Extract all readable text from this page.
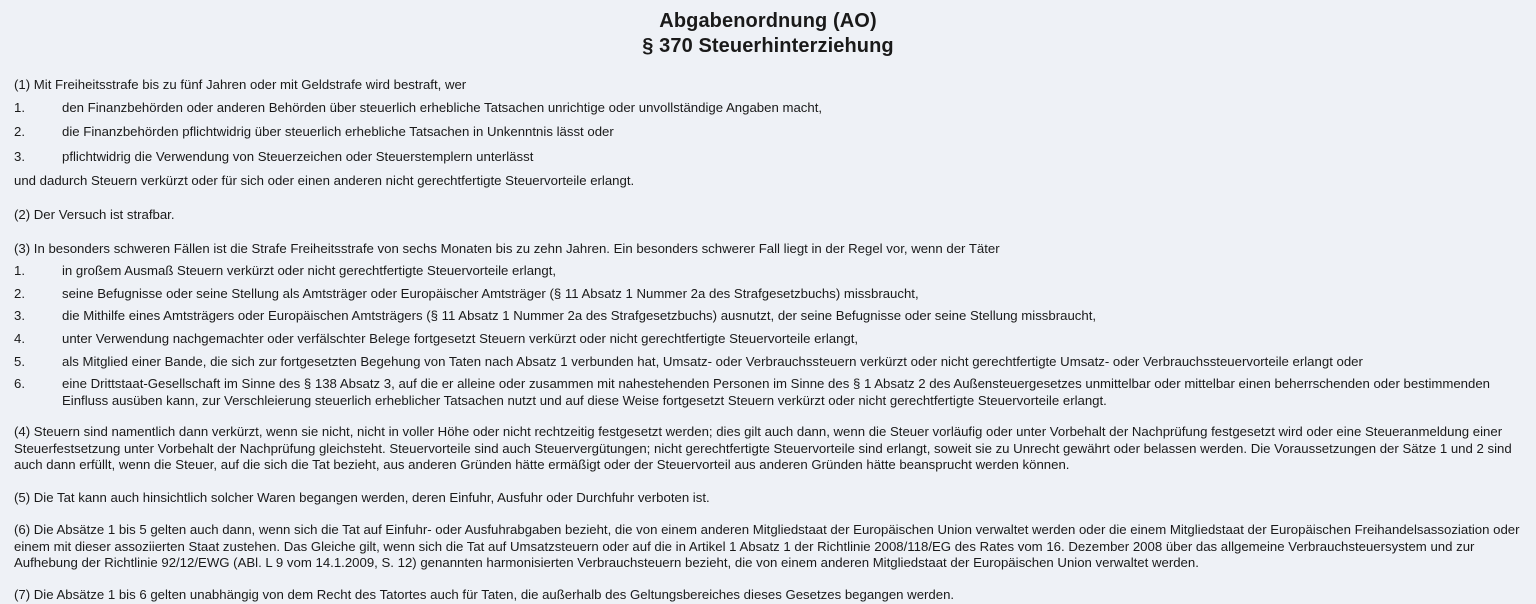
Abgabenordnung (AO)
§ 370 Steuerhinterziehung

(1) Mit Freiheitsstrafe bis zu fünf Jahren oder mit Geldstrafe wird bestraft, wer

1.	den Finanzbehörden oder anderen Behörden über steuerlich erhebliche Tatsachen unrichtige oder unvollständige Angaben macht,
2.	die Finanzbehörden pflichtwidrig über steuerlich erhebliche Tatsachen in Unkenntnis lässt oder
3.	pflichtwidrig die Verwendung von Steuerzeichen oder Steuerstemplern unterlässt

und dadurch Steuern verkürzt oder für sich oder einen anderen nicht gerechtfertigte Steuervorteile erlangt.

(2) Der Versuch ist strafbar.

(3) In besonders schweren Fällen ist die Strafe Freiheitsstrafe von sechs Monaten bis zu zehn Jahren. Ein besonders schwerer Fall liegt in der Regel vor, wenn der Täter

1.	in großem Ausmaß Steuern verkürzt oder nicht gerechtfertigte Steuervorteile erlangt,
2.	seine Befugnisse oder seine Stellung als Amtsträger oder Europäischer Amtsträger (§ 11 Absatz 1 Nummer 2a des Strafgesetzbuchs) missbraucht,
3.	die Mithilfe eines Amtsträgers oder Europäischen Amtsträgers (§ 11 Absatz 1 Nummer 2a des Strafgesetzbuchs) ausnutzt, der seine Befugnisse oder seine Stellung missbraucht,
4.	unter Verwendung nachgemachter oder verfälschter Belege fortgesetzt Steuern verkürzt oder nicht gerechtfertigte Steuervorteile erlangt,
5.	als Mitglied einer Bande, die sich zur fortgesetzten Begehung von Taten nach Absatz 1 verbunden hat, Umsatz- oder Verbrauchssteuern verkürzt oder nicht gerechtfertigte Umsatz- oder Verbrauchssteuervorteile erlangt oder
6.	eine Drittstaat-Gesellschaft im Sinne des § 138 Absatz 3, auf die er alleine oder zusammen mit nahestehenden Personen im Sinne des § 1 Absatz 2 des Außensteuergesetzes unmittelbar oder mittelbar einen beherrschenden oder bestimmenden Einfluss ausüben kann, zur Verschleierung steuerlich erheblicher Tatsachen nutzt und auf diese Weise fortgesetzt Steuern verkürzt oder nicht gerechtfertigte Steuervorteile erlangt.

(4) Steuern sind namentlich dann verkürzt, wenn sie nicht, nicht in voller Höhe oder nicht rechtzeitig festgesetzt werden; dies gilt auch dann, wenn die Steuer vorläufig oder unter Vorbehalt der Nachprüfung festgesetzt wird oder eine Steueranmeldung einer Steuerfestsetzung unter Vorbehalt der Nachprüfung gleichsteht. Steuervorteile sind auch Steuervergütungen; nicht gerechtfertigte Steuervorteile sind erlangt, soweit sie zu Unrecht gewährt oder belassen werden. Die Voraussetzungen der Sätze 1 und 2 sind auch dann erfüllt, wenn die Steuer, auf die sich die Tat bezieht, aus anderen Gründen hätte ermäßigt oder der Steuervorteil aus anderen Gründen hätte beansprucht werden können.

(5) Die Tat kann auch hinsichtlich solcher Waren begangen werden, deren Einfuhr, Ausfuhr oder Durchfuhr verboten ist.

(6) Die Absätze 1 bis 5 gelten auch dann, wenn sich die Tat auf Einfuhr- oder Ausfuhrabgaben bezieht, die von einem anderen Mitgliedstaat der Europäischen Union verwaltet werden oder die einem Mitgliedstaat der Europäischen Freihandelsassoziation oder einem mit dieser assoziierten Staat zustehen. Das Gleiche gilt, wenn sich die Tat auf Umsatzsteuern oder auf die in Artikel 1 Absatz 1 der Richtlinie 2008/118/EG des Rates vom 16. Dezember 2008 über das allgemeine Verbrauchsteuersystem und zur Aufhebung der Richtlinie 92/12/EWG (ABl. L 9 vom 14.1.2009, S. 12) genannten harmonisierten Verbrauchsteuern bezieht, die von einem anderen Mitgliedstaat der Europäischen Union verwaltet werden.

(7) Die Absätze 1 bis 6 gelten unabhängig von dem Recht des Tatortes auch für Taten, die außerhalb des Geltungsbereiches dieses Gesetzes begangen werden.
